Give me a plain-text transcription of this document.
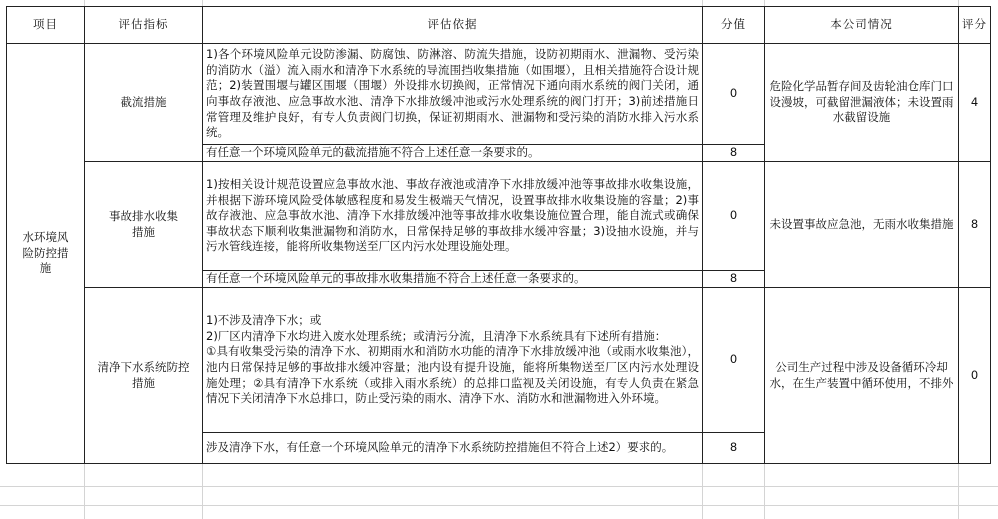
项目	评估指标	评估依据	分值	本公司情况	评分
水环境风险防控措施	截流措施	1)各个环境风险单元设防渗漏、防腐蚀、防淋溶、防流失措施，设防初期雨水、泄漏物、受污染的消防水（溢）流入雨水和清净下水系统的导流围挡收集措施（如围堰），且相关措施符合设计规范；2)装置围堰与罐区围堰（围堰）外设排水切换阀，正常情况下通向雨水系统的阀门关闭，通向事故存液池、应急事故水池、清净下水排放缓冲池或污水处理系统的阀门打开；3)前述措施日常管理及维护良好，有专人负责阀门切换，保证初期雨水、泄漏物和受污染的消防水排入污水系统。	0	危险化学品暂存间及齿轮油仓库门口设漫坡，可截留泄漏液体；未设置雨水截留设施	4
		有任意一个环境风险单元的截流措施不符合上述任意一条要求的。	8		
	事故排水收集措施	1)按相关设计规范设置应急事故水池、事故存液池或清净下水排放缓冲池等事故排水收集设施，并根据下游环境风险受体敏感程度和易发生极端天气情况，设置事故排水收集设施的容量；2)事故存液池、应急事故水池、清净下水排放缓冲池等事故排水收集设施位置合理，能自流式或确保事故状态下顺利收集泄漏物和消防水，日常保持足够的事故排水缓冲容量；3)设抽水设施，并与污水管线连接，能将所收集物送至厂区内污水处理设施处理。	0	未设置事故应急池，无雨水收集措施	8
		有任意一个环境风险单元的事故排水收集措施不符合上述任意一条要求的。	8		
	清净下水系统防控措施	1)不涉及清净下水；或
2)厂区内清净下水均进入废水处理系统；或清污分流，且清净下水系统具有下述所有措施：
①具有收集受污染的清净下水、初期雨水和消防水功能的清净下水排放缓冲池（或雨水收集池），池内日常保持足够的事故排水缓冲容量；池内设有提升设施，能将所集物送至厂区内污水处理设施处理；②具有清净下水系统（或排入雨水系统）的总排口监视及关闭设施，有专人负责在紧急情况下关闭清净下水总排口，防止受污染的雨水、清净下水、消防水和泄漏物进入外环境。	0	公司生产过程中涉及设备循环冷却水，在生产装置中循环使用，不排外	0
		涉及清净下水，有任意一个环境风险单元的清净下水系统防控措施但不符合上述2）要求的。	8		
